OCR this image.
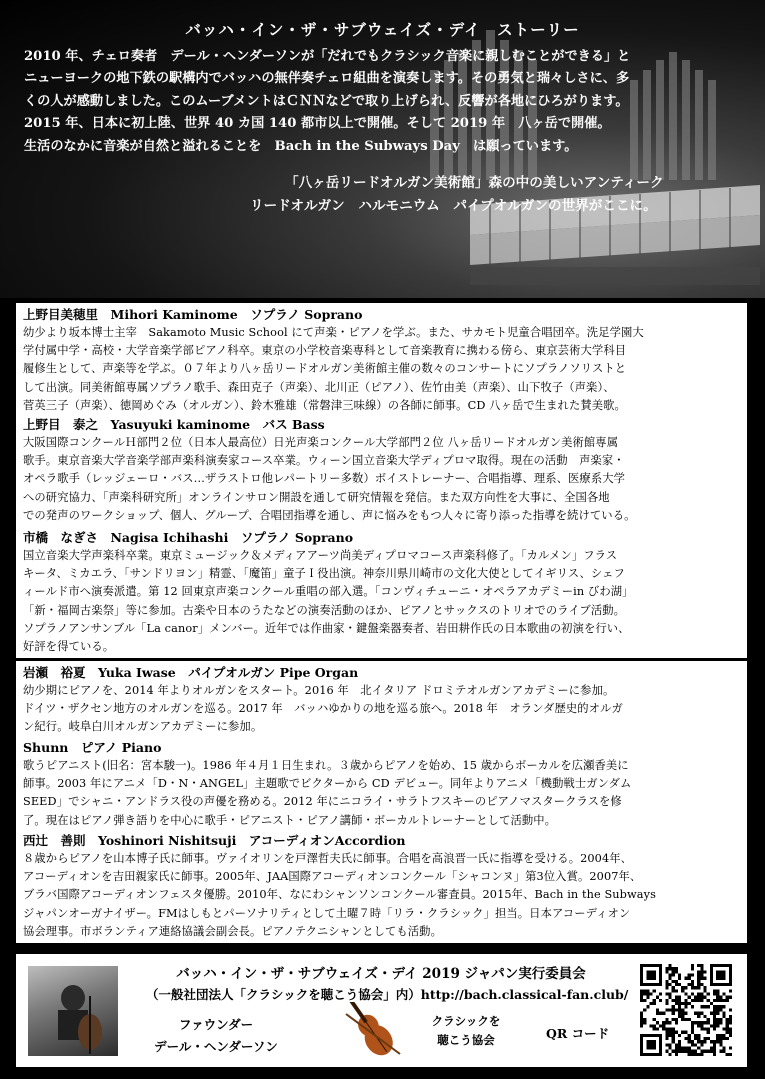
バッハ・イン・ザ・サブウェイズ・デイ　ストーリー

2010 年、チェロ奏者　デール・ヘンダーソンが「だれでもクラシック音楽に親しむことができる」と

ニューヨークの地下鉄の駅構内でバッハの無伴奏チェロ組曲を演奏します。その勇気と瑞々しさに、多

くの人が感動しました。このムーブメントはＣＮＮなどで取り上げられ、反響が各地にひろがります。

2015 年、日本に初上陸、世界 40 カ国 140 都市以上で開催。そして 2019 年　八ヶ岳で開催。

生活のなかに音楽が自然と溢れることを　Bach in the Subways Day　は願っています。

「八ヶ岳リードオルガン美術館」森の中の美しいアンティーク

リードオルガン　ハルモニウム　パイプオルガンの世界がここに。

上野目美穂里　Mihori Kaminome　ソプラノ Soprano

幼少より坂本博士主宰　Sakamoto Music School にて声楽・ピアノを学ぶ。また、サカモト児童合唱団卒。洗足学園大

学付属中学・高校・大学音楽学部ピアノ科卒。東京の小学校音楽専科として音楽教育に携わる傍ら、東京芸術大学科目

履修生として、声楽等を学ぶ。０７年より八ヶ岳リードオルガン美術館主催の数々のコンサートにソプラノソリストと

して出演。同美術館専属ソプラノ歌手、森田克子（声楽）、北川正（ピアノ）、佐竹由美（声楽）、山下牧子（声楽）、

菅英三子（声楽）、徳岡めぐみ（オルガン）、鈴木雅雄（常磐津三味線）の各師に師事。CD 八ヶ岳で生まれた賛美歌。

上野目　泰之　Yasuyuki kaminome　バス Bass

大阪国際コンクールＨ部門２位（日本人最高位）日光声楽コンクール大学部門２位 八ヶ岳リードオルガン美術館専属

歌手。東京音楽大学音楽学部声楽科演奏家コース卒業。ウィーン国立音楽大学ディプロマ取得。現在の活動　声楽家・

オペラ歌手（レッジェーロ・バス…ザラストロ他レパートリー多数）ボイストレーナー、合唱指導、理系、医療系大学

への研究協力、「声楽科研究所」オンラインサロン開設を通して研究情報を発信。また双方向性を大事に、全国各地

での発声のワークショップ、個人、グループ、合唱団指導を通し、声に悩みをもつ人々に寄り添った指導を続けている。

市橋　なぎさ　Nagisa Ichihashi　ソプラノ Soprano

国立音楽大学声楽科卒業。東京ミュージック＆メディアアーツ尚美ディプロマコース声楽科修了。「カルメン」フラス

キータ、ミカエラ、「サンドリヨン」精霊、「魔笛」童子Ｉ役出演。神奈川県川崎市の文化大使としてイギリス、シェフ

ィールド市へ演奏派遣。第 12 回東京声楽コンクール重唱の部入選。「コンヴィチューニ・オペラアカデミーin びわ湖」

「新・福岡古楽祭」等に参加。古楽や日本のうたなどの演奏活動のほか、ピアノとサックスのトリオでのライブ活動。

ソプラノアンサンブル「La canor」メンバー。近年では作曲家・鍵盤楽器奏者、岩田耕作氏の日本歌曲の初演を行い、

好評を得ている。

岩瀬　裕夏　Yuka Iwase　パイプオルガン Pipe Organ

幼少期にピアノを、2014 年よりオルガンをスタート。2016 年　北イタリア ドロミテオルガンアカデミーに参加。

ドイツ・ザクセン地方のオルガンを巡る。2017 年　バッハゆかりの地を巡る旅へ。2018 年　オランダ歴史的オルガ

ン紀行。岐阜白川オルガンアカデミーに参加。

Shunn　ピアノ Piano

歌うピアニスト(旧名：宮本駿一)。1986 年４月１日生まれ。３歳からピアノを始め、15 歳からボーカルを広瀬香美に

師事。2003 年にアニメ「D・N・ANGEL」主題歌でビクターから CD デビュー。同年よりアニメ「機動戦士ガンダム

SEED」でシャニ・アンドラス役の声優を務める。2012 年にニコライ・サラトフスキーのピアノマスタークラスを修

了。現在はピアノ弾き語りを中心に歌手・ピアニスト・ピアノ講師・ボーカルトレーナーとして活動中。

西辻　善則　Yoshinori Nishitsuji　アコーディオンAccordion

８歳からピアノを山本博子氏に師事。ヴァイオリンを戸澤哲夫氏に師事。合唱を高浪晋一氏に指導を受ける。2004年、

アコーディオンを吉田親家氏に師事。2005年、JAA国際アコーディオンコンクール「シャコンヌ」第3位入賞。2007年、

ブラバ国際アコーディオンフェスタ優勝。2010年、なにわシャンソンコンクール審査員。2015年、Bach in the Subways

ジャパンオーガナイザー。FMはしもとパーソナリティとして土曜７時「リラ・クラシック」担当。日本アコーディオン

協会理事。市ボランティア連絡協議会副会長。ピアノテクニシャンとしても活動。

バッハ・イン・ザ・サブウェイズ・デイ 2019 ジャパン実行委員会
（一般社団法人「クラシックを聴こう協会」内）http://bach.classical-fan.club/
ファウンダー
デール・ヘンダーソン
クラシックを
聴こう協会	QR コード
